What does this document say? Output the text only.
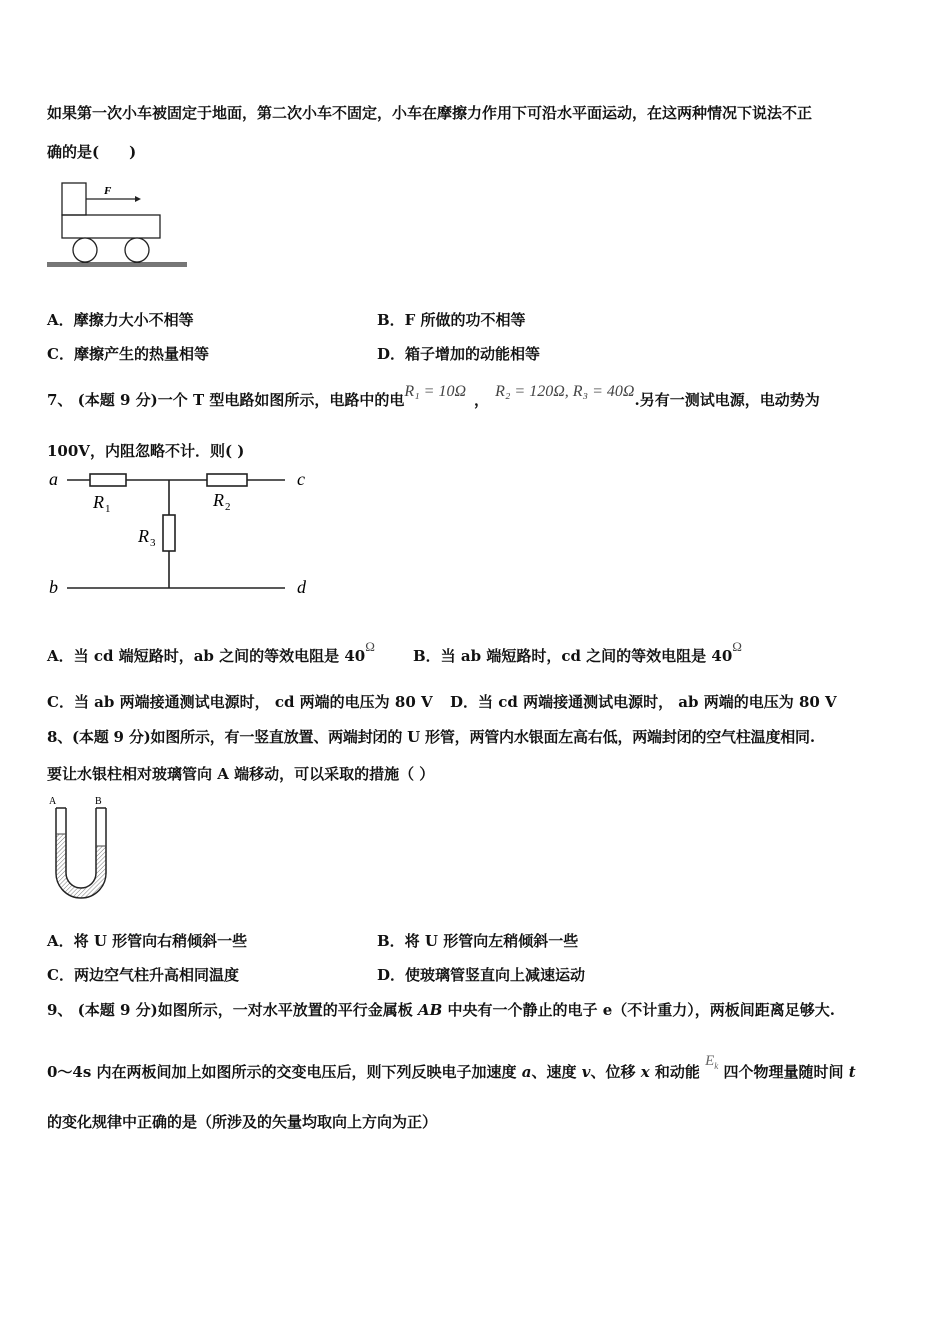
如果第一次小车被固定于地面，第二次小车不固定，小车在摩擦力作用下可沿水平面运动，在这两种情况下说法不正
确的是(　　)
F
A．摩擦力大小不相等	B．F 所做的功不相等
C．摩擦产生的热量相等	D．箱子增加的动能相等
7、 (本题 9 分)一个 T 型电路如图所示，电路中的电R₁ = 10Ω ， R₂ = 120Ω, R₃ = 40Ω.另有一测试电源，电动势为
100V，内阻忽略不计．则( )
a
b
c
d
R 1	R 2
R 3
A．当 cd 端短路时，ab 之间的等效电阻是 40Ω
B．当 ab 端短路时，cd 之间的等效电阻是 40Ω
C．当 ab 两端接通测试电源时， cd 两端的电压为 80 V D．当 cd 两端接通测试电源时， ab 两端的电压为 80 V
8、(本题 9 分)如图所示，有一竖直放置、两端封闭的 U 形管，两管内水银面左高右低，两端封闭的空气柱温度相同.
要让水银柱相对玻璃管向 A 端移动，可以采取的措施（ ）
A	B
A．将 U 形管向右稍倾斜一些	B．将 U 形管向左稍倾斜一些
C．两边空气柱升高相同温度	D．使玻璃管竖直向上减速运动
9、 (本题 9 分)如图所示，一对水平放置的平行金属板 AB 中央有一个静止的电子 e（不计重力），两板间距离足够大.
0～4s 内在两板间加上如图所示的交变电压后，则下列反映电子加速度 a、速度 v、位移 x 和动能 $E_k$ 四个物理量随时间 t
的变化规律中正确的是（所涉及的矢量均取向上方向为正）
